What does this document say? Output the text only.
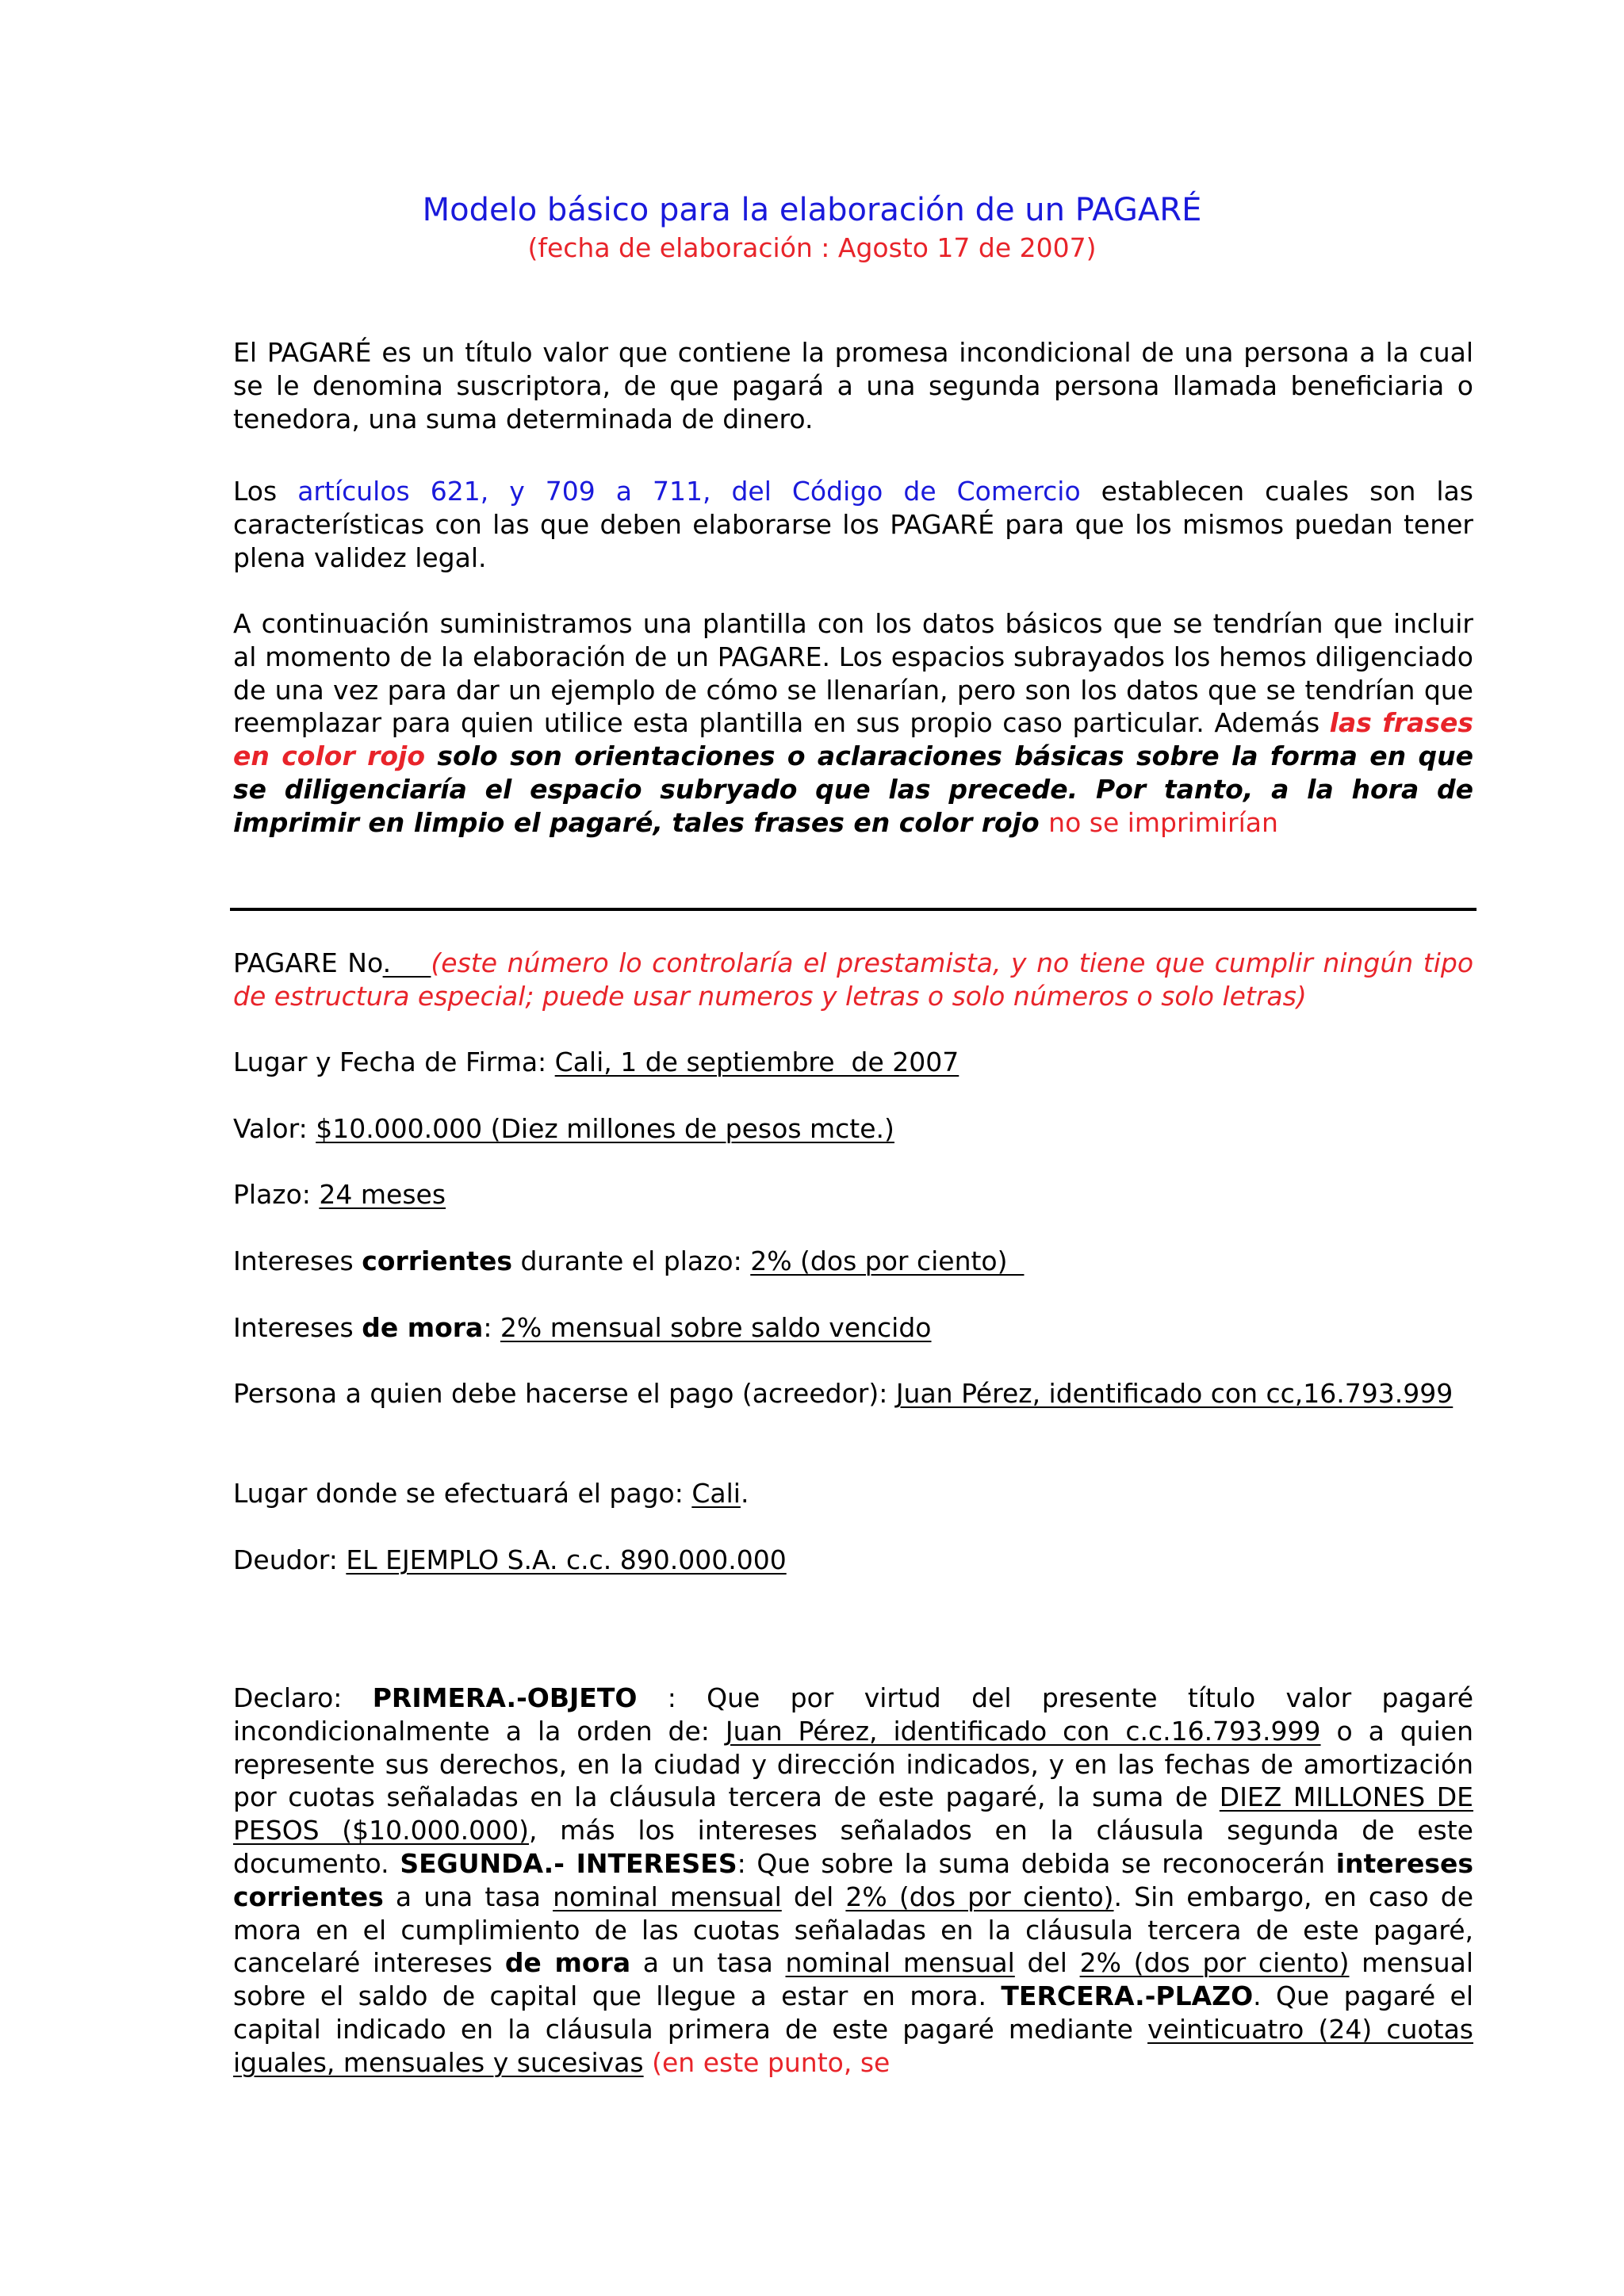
Modelo básico para la elaboración de un PAGARÉ
(fecha de elaboración : Agosto 17 de 2007)
El PAGARÉ es un título valor que contiene la promesa incondicional de una persona a la cual se le denomina suscriptora, de que pagará a una segunda persona llamada beneficiaria o tenedora, una suma determinada de dinero.
Los artículos 621, y 709 a 711, del Código de Comercio establecen cuales son las características con las que deben elaborarse los PAGARÉ para que los mismos puedan tener plena validez legal.
A continuación suministramos una plantilla con los datos básicos que se tendrían que incluir al momento de la elaboración de un PAGARE. Los espacios subrayados los hemos diligenciado de una vez para dar un ejemplo de cómo se llenarían, pero son los datos que se tendrían que reemplazar para quien utilice esta plantilla en sus propio caso particular. Además las frases en color rojo solo son orientaciones o aclaraciones básicas sobre la forma en que se diligenciaría el espacio subryado que las precede. Por tanto, a la hora de imprimir en limpio el pagaré, tales frases en color rojo no se imprimirían
PAGARE No.    (este número lo controlaría el prestamista, y no tiene que cumplir ningún tipo de estructura especial; puede usar numeros y letras o solo números o solo letras)
Lugar y Fecha de Firma: Cali, 1 de septiembre  de 2007
Valor: $10.000.000 (Diez millones de pesos mcte.)
Plazo: 24 meses
Intereses corrientes durante el plazo: 2% (dos por ciento)
Intereses de mora: 2% mensual sobre saldo vencido
Persona a quien debe hacerse el pago (acreedor): Juan Pérez, identificado con cc,16.793.999
Lugar donde se efectuará el pago: Cali.
Deudor: EL EJEMPLO S.A. c.c. 890.000.000
Declaro: PRIMERA.-OBJETO : Que por virtud del presente título valor pagaré incondicionalmente a la orden de: Juan Pérez, identificado con c.c.16.793.999 o a quien represente sus derechos, en la ciudad y dirección indicados, y en las fechas de amortización por cuotas señaladas en la cláusula tercera de este pagaré, la suma de DIEZ MILLONES DE PESOS ($10.000.000), más los intereses señalados en la cláusula segunda de este documento. SEGUNDA.- INTERESES: Que sobre la suma debida se reconocerán intereses corrientes a una tasa nominal mensual del 2% (dos por ciento). Sin embargo, en caso de mora en el cumplimiento de las cuotas señaladas en la cláusula tercera de este pagaré, cancelaré intereses de mora a un tasa nominal mensual del 2% (dos por ciento) mensual sobre el saldo de capital que llegue a estar en mora. TERCERA.-PLAZO. Que pagaré el capital indicado en la cláusula primera de este pagaré mediante veinticuatro (24) cuotas iguales, mensuales y sucesivas (en este punto, se
